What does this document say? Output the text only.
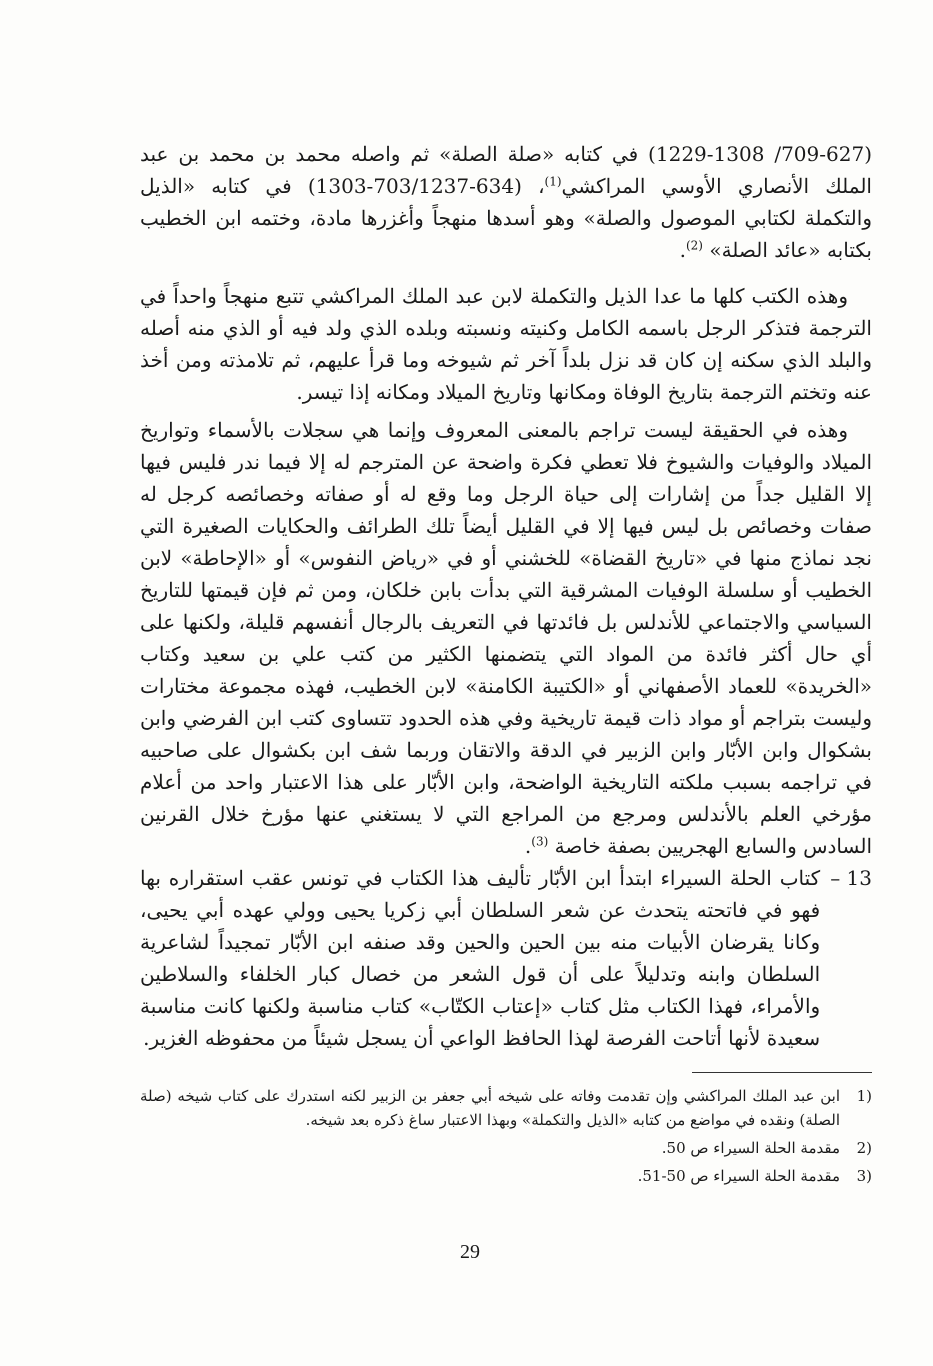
(709-627/ 1229-1308) في كتابه «صلة الصلة» ثم واصله محمد بن محمد بن عبد الملك الأنصاري الأوسي المراكشي$^{(1)}$، (634-703/1237-1303) في كتابه «الذيل والتكملة لكتابي الموصول والصلة» وهو أسدها منهجاً وأغزرها مادة، وختمه ابن الخطيب بكتابه «عائد الصلة» $^{(2)}$.

وهذه الكتب كلها ما عدا الذيل والتكملة لابن عبد الملك المراكشي تتبع منهجاً واحداً في الترجمة فتذكر الرجل باسمه الكامل وكنيته ونسبته وبلده الذي ولد فيه أو الذي منه أصله والبلد الذي سكنه إن كان قد نزل بلداً آخر ثم شيوخه وما قرأ عليهم، ثم تلامذته ومن أخذ عنه وتختم الترجمة بتاريخ الوفاة ومكانها وتاريخ الميلاد ومكانه إذا تيسر.

وهذه في الحقيقة ليست تراجم بالمعنى المعروف وإنما هي سجلات بالأسماء وتواريخ الميلاد والوفيات والشيوخ فلا تعطي فكرة واضحة عن المترجم له إلا فيما ندر فليس فيها إلا القليل جداً من إشارات إلى حياة الرجل وما وقع له أو صفاته وخصائصه كرجل له صفات وخصائص بل ليس فيها إلا في القليل أيضاً تلك الطرائف والحكايات الصغيرة التي نجد نماذج منها في «تاريخ القضاة» للخشني أو في «رياض النفوس» أو «الإحاطة» لابن الخطيب أو سلسلة الوفيات المشرقية التي بدأت بابن خلكان، ومن ثم فإن قيمتها للتاريخ السياسي والاجتماعي للأندلس بل فائدتها في التعريف بالرجال أنفسهم قليلة، ولكنها على أي حال أكثر فائدة من المواد التي يتضمنها الكثير من كتب علي بن سعيد وكتاب «الخريدة» للعماد الأصفهاني أو «الكتيبة الكامنة» لابن الخطيب، فهذه مجموعة مختارات وليست بتراجم أو مواد ذات قيمة تاريخية وفي هذه الحدود تتساوى كتب ابن الفرضي وابن بشكوال وابن الأبّار وابن الزبير في الدقة والاتقان وربما شف ابن بكشوال على صاحبيه في تراجمه بسبب ملكته التاريخية الواضحة، وابن الأبّار على هذا الاعتبار واحد من أعلام مؤرخي العلم بالأندلس ومرجع من المراجع التي لا يستغني عنها مؤرخ خلال القرنين السادس والسابع الهجريين بصفة خاصة $^{(3)}$.

13 –

كتاب الحلة السيراء ابتدأ ابن الأبّار تأليف هذا الكتاب في تونس عقب استقراره بها فهو في فاتحته يتحدث عن شعر السلطان أبي زكريا يحيى وولي عهده أبي يحيى، وكانا يقرضان الأبيات منه بين الحين والحين وقد صنفه ابن الأبّار تمجيداً لشاعرية السلطان وابنه وتدليلاً على أن قول الشعر من خصال كبار الخلفاء والسلاطين والأمراء، فهذا الكتاب مثل كتاب «إعتاب الكتّاب» كتاب مناسبة ولكنها كانت مناسبة سعيدة لأنها أتاحت الفرصة لهذا الحافظ الواعي أن يسجل شيئاً من محفوظه الغزير.

(1
ابن عبد الملك المراكشي وإن تقدمت وفاته على شيخه أبي جعفر بن الزبير لكنه استدرك على كتاب شيخه (صلة الصلة) ونقده في مواضع من كتابه «الذيل والتكملة» وبهذا الاعتبار ساغ ذكره بعد شيخه.
(2
مقدمة الحلة السيراء ص 50.
(3
مقدمة الحلة السيراء ص 50-51.
29
